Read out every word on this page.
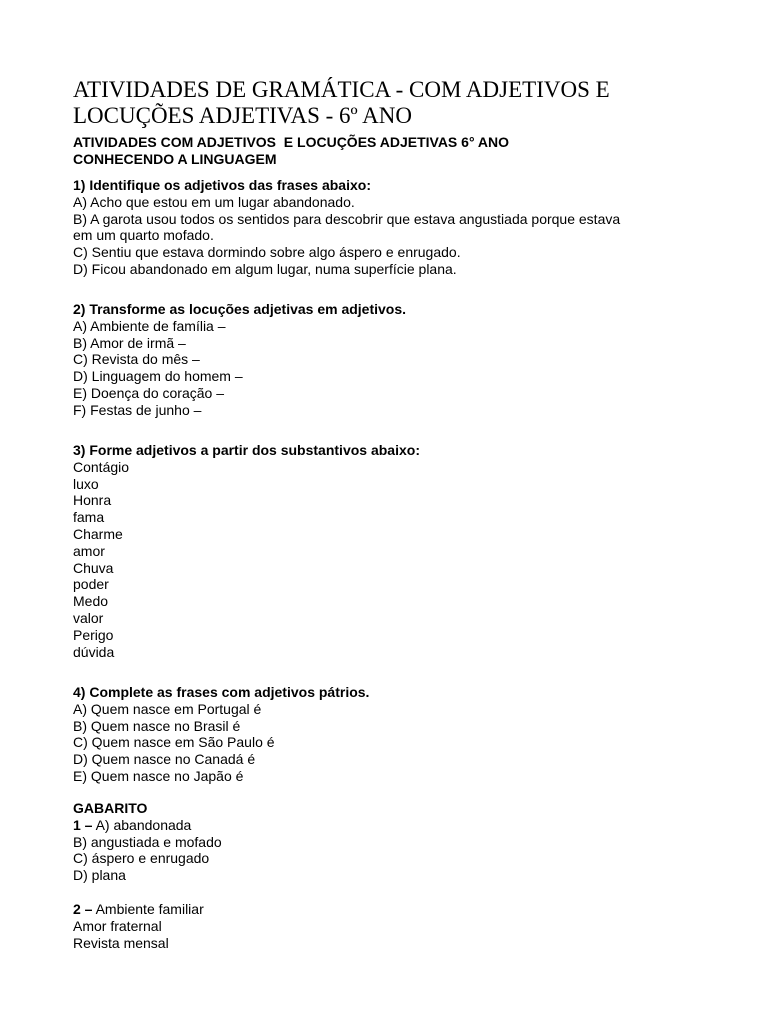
ATIVIDADES DE GRAMÁTICA - COM ADJETIVOS E
LOCUÇÕES ADJETIVAS - 6º ANO
ATIVIDADES COM ADJETIVOS  E LOCUÇÕES ADJETIVAS 6° ANO
CONHECENDO A LINGUAGEM
1) Identifique os adjetivos das frases abaixo:
A) Acho que estou em um lugar abandonado.
B) A garota usou todos os sentidos para descobrir que estava angustiada porque estava
em um quarto mofado.
C) Sentiu que estava dormindo sobre algo áspero e enrugado.
D) Ficou abandonado em algum lugar, numa superfície plana.
2) Transforme as locuções adjetivas em adjetivos.
A) Ambiente de família –
B) Amor de irmã –
C) Revista do mês –
D) Linguagem do homem –
E) Doença do coração –
F) Festas de junho –
3) Forme adjetivos a partir dos substantivos abaixo:
Contágio
luxo
Honra
fama
Charme
amor
Chuva
poder
Medo
valor
Perigo
dúvida
4) Complete as frases com adjetivos pátrios.
A) Quem nasce em Portugal é
B) Quem nasce no Brasil é
C) Quem nasce em São Paulo é
D) Quem nasce no Canadá é
E) Quem nasce no Japão é
GABARITO
1 – A) abandonada
B) angustiada e mofado
C) áspero e enrugado
D) plana
2 – Ambiente familiar
Amor fraternal
Revista mensal
